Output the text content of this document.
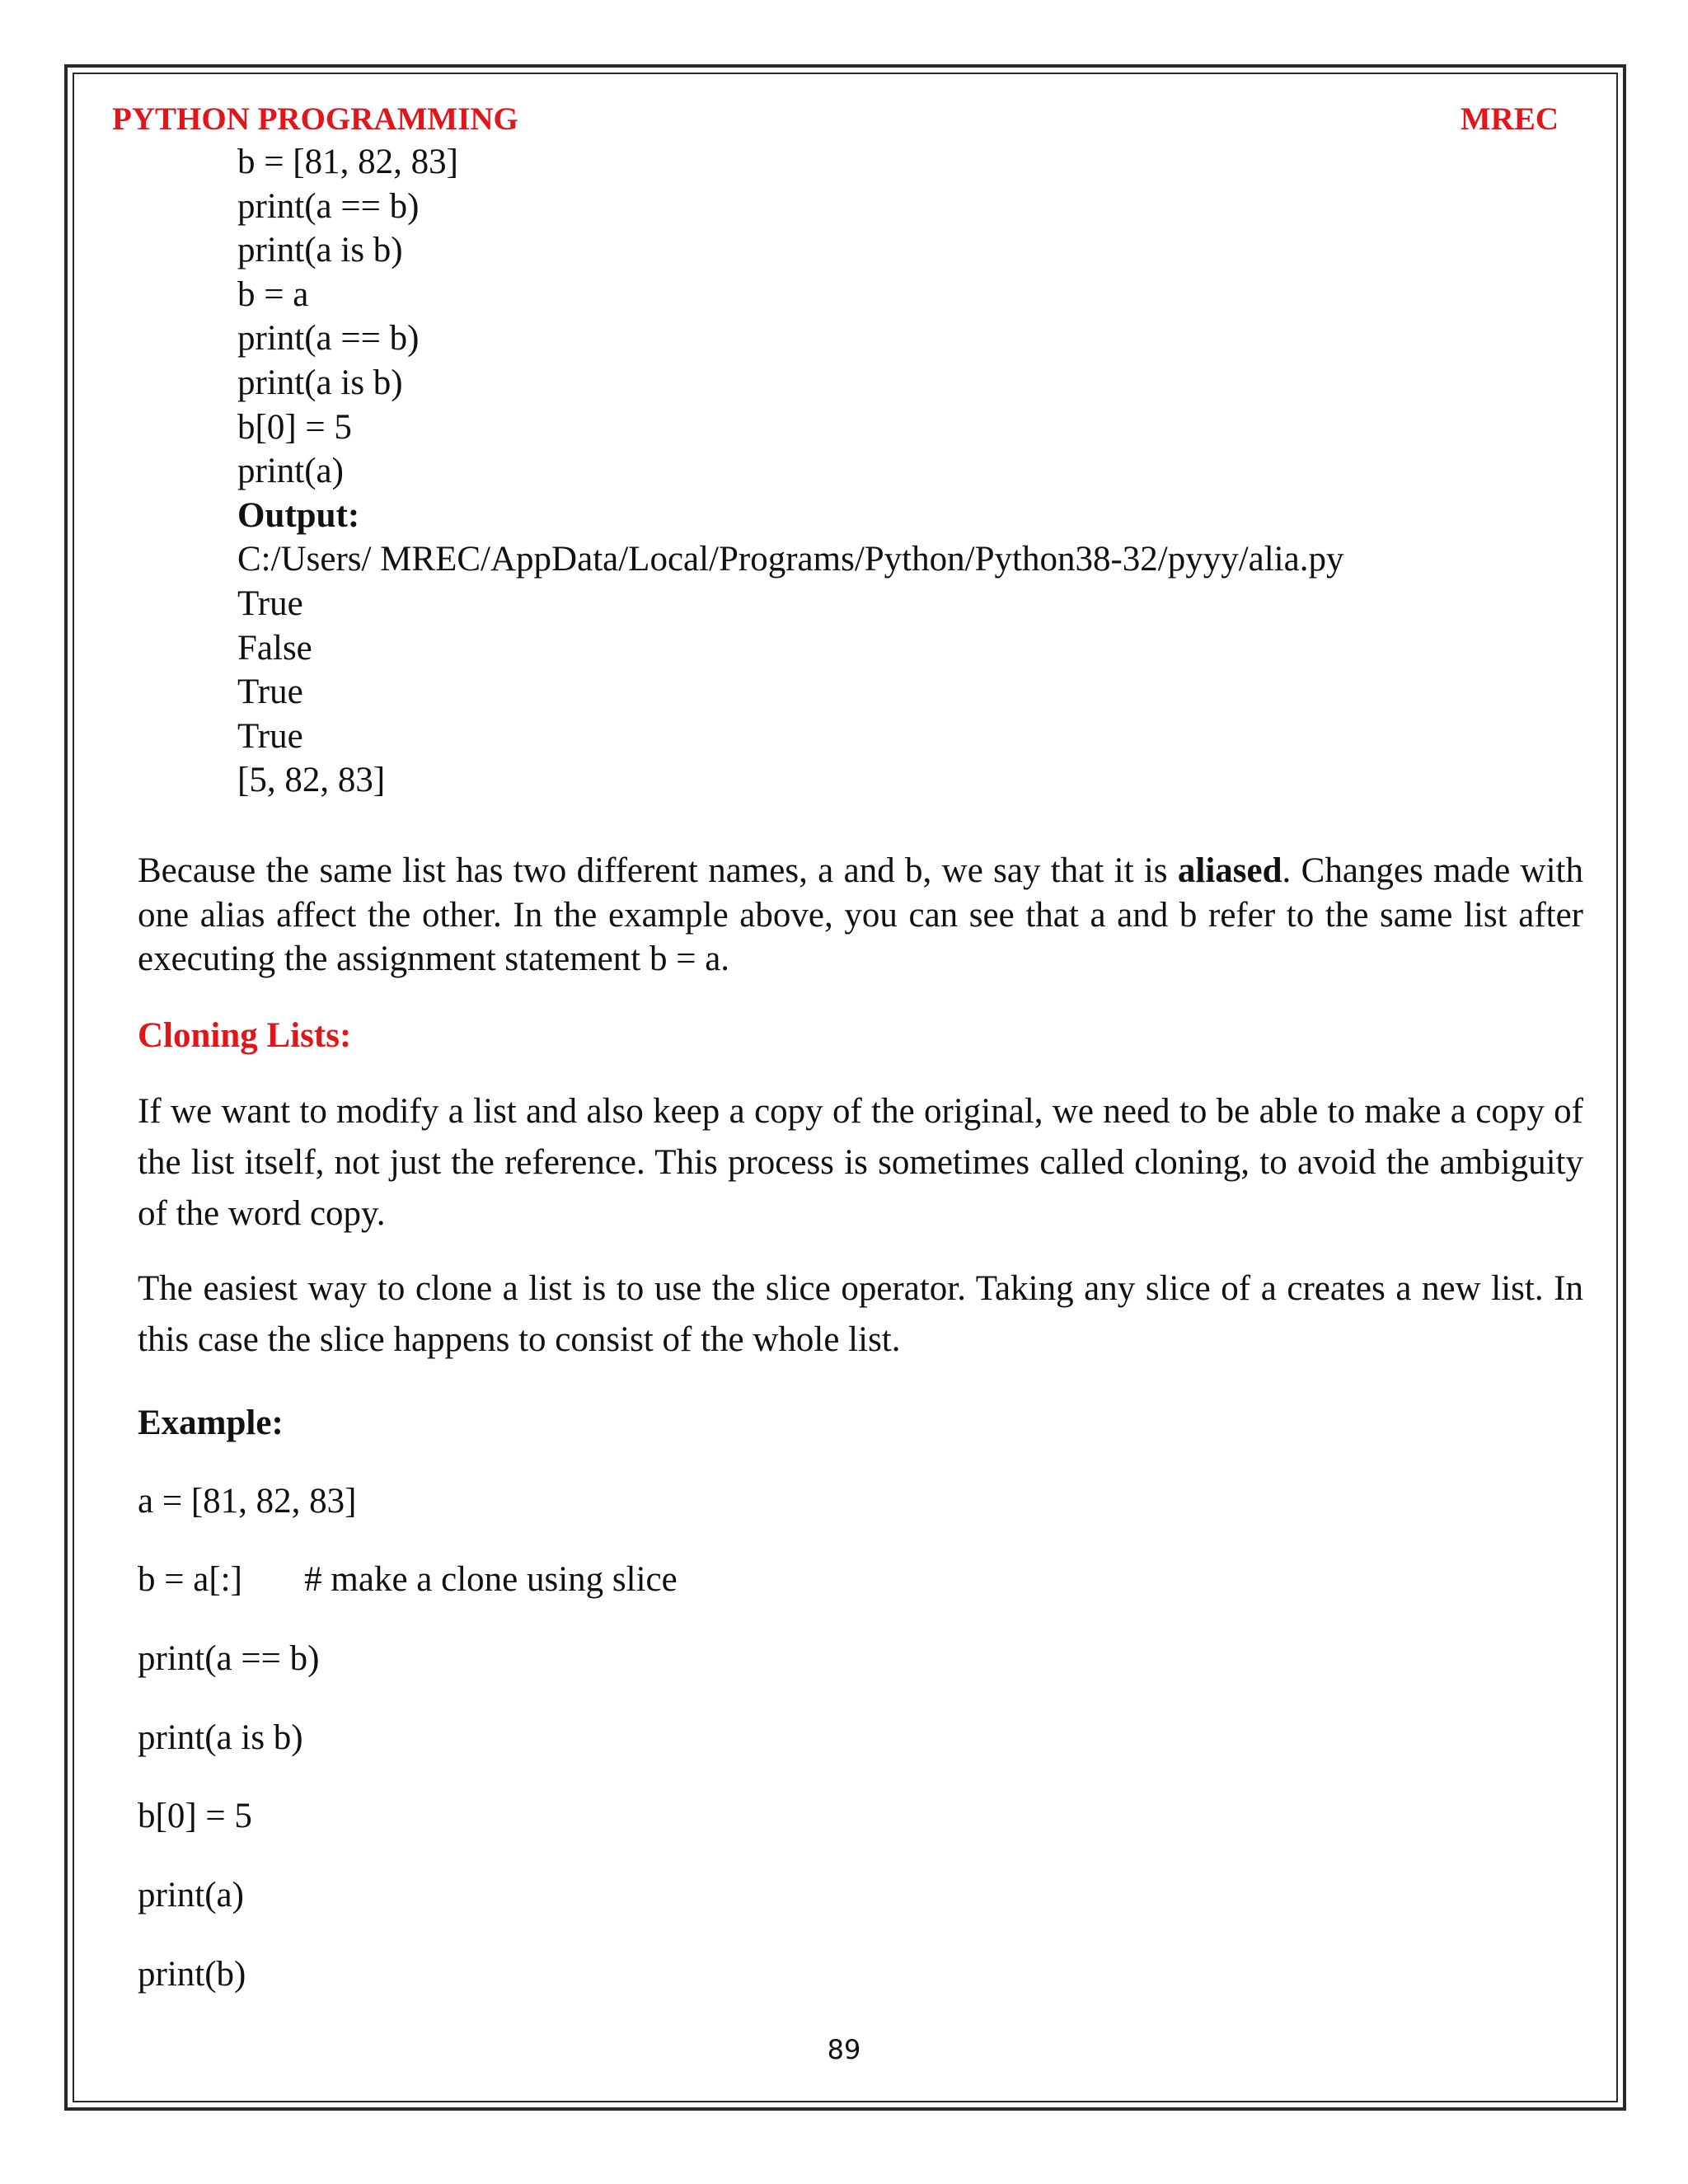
PYTHON PROGRAMMING	MREC
b = [81, 82, 83]
print(a == b)
print(a is b)
b = a
print(a == b)
print(a is b)
b[0] = 5
print(a)
Output:
C:/Users/ MREC/AppData/Local/Programs/Python/Python38-32/pyyy/alia.py
True
False
True
True
[5, 82, 83]
Because the same list has two different names, a and b, we say that it is aliased. Changes made with one alias affect the other. In the example above, you can see that a and b refer to the same list after executing the assignment statement b = a.
Cloning Lists:
If we want to modify a list and also keep a copy of the original, we need to be able to make a copy of the list itself, not just the reference. This process is sometimes called cloning, to avoid the ambiguity of the word copy.
The easiest way to clone a list is to use the slice operator. Taking any slice of a creates a new list. In this case the slice happens to consist of the whole list.
Example:
a = [81, 82, 83]
b = a[:]       # make a clone using slice
print(a == b)
print(a is b)
b[0] = 5
print(a)
print(b)
89
